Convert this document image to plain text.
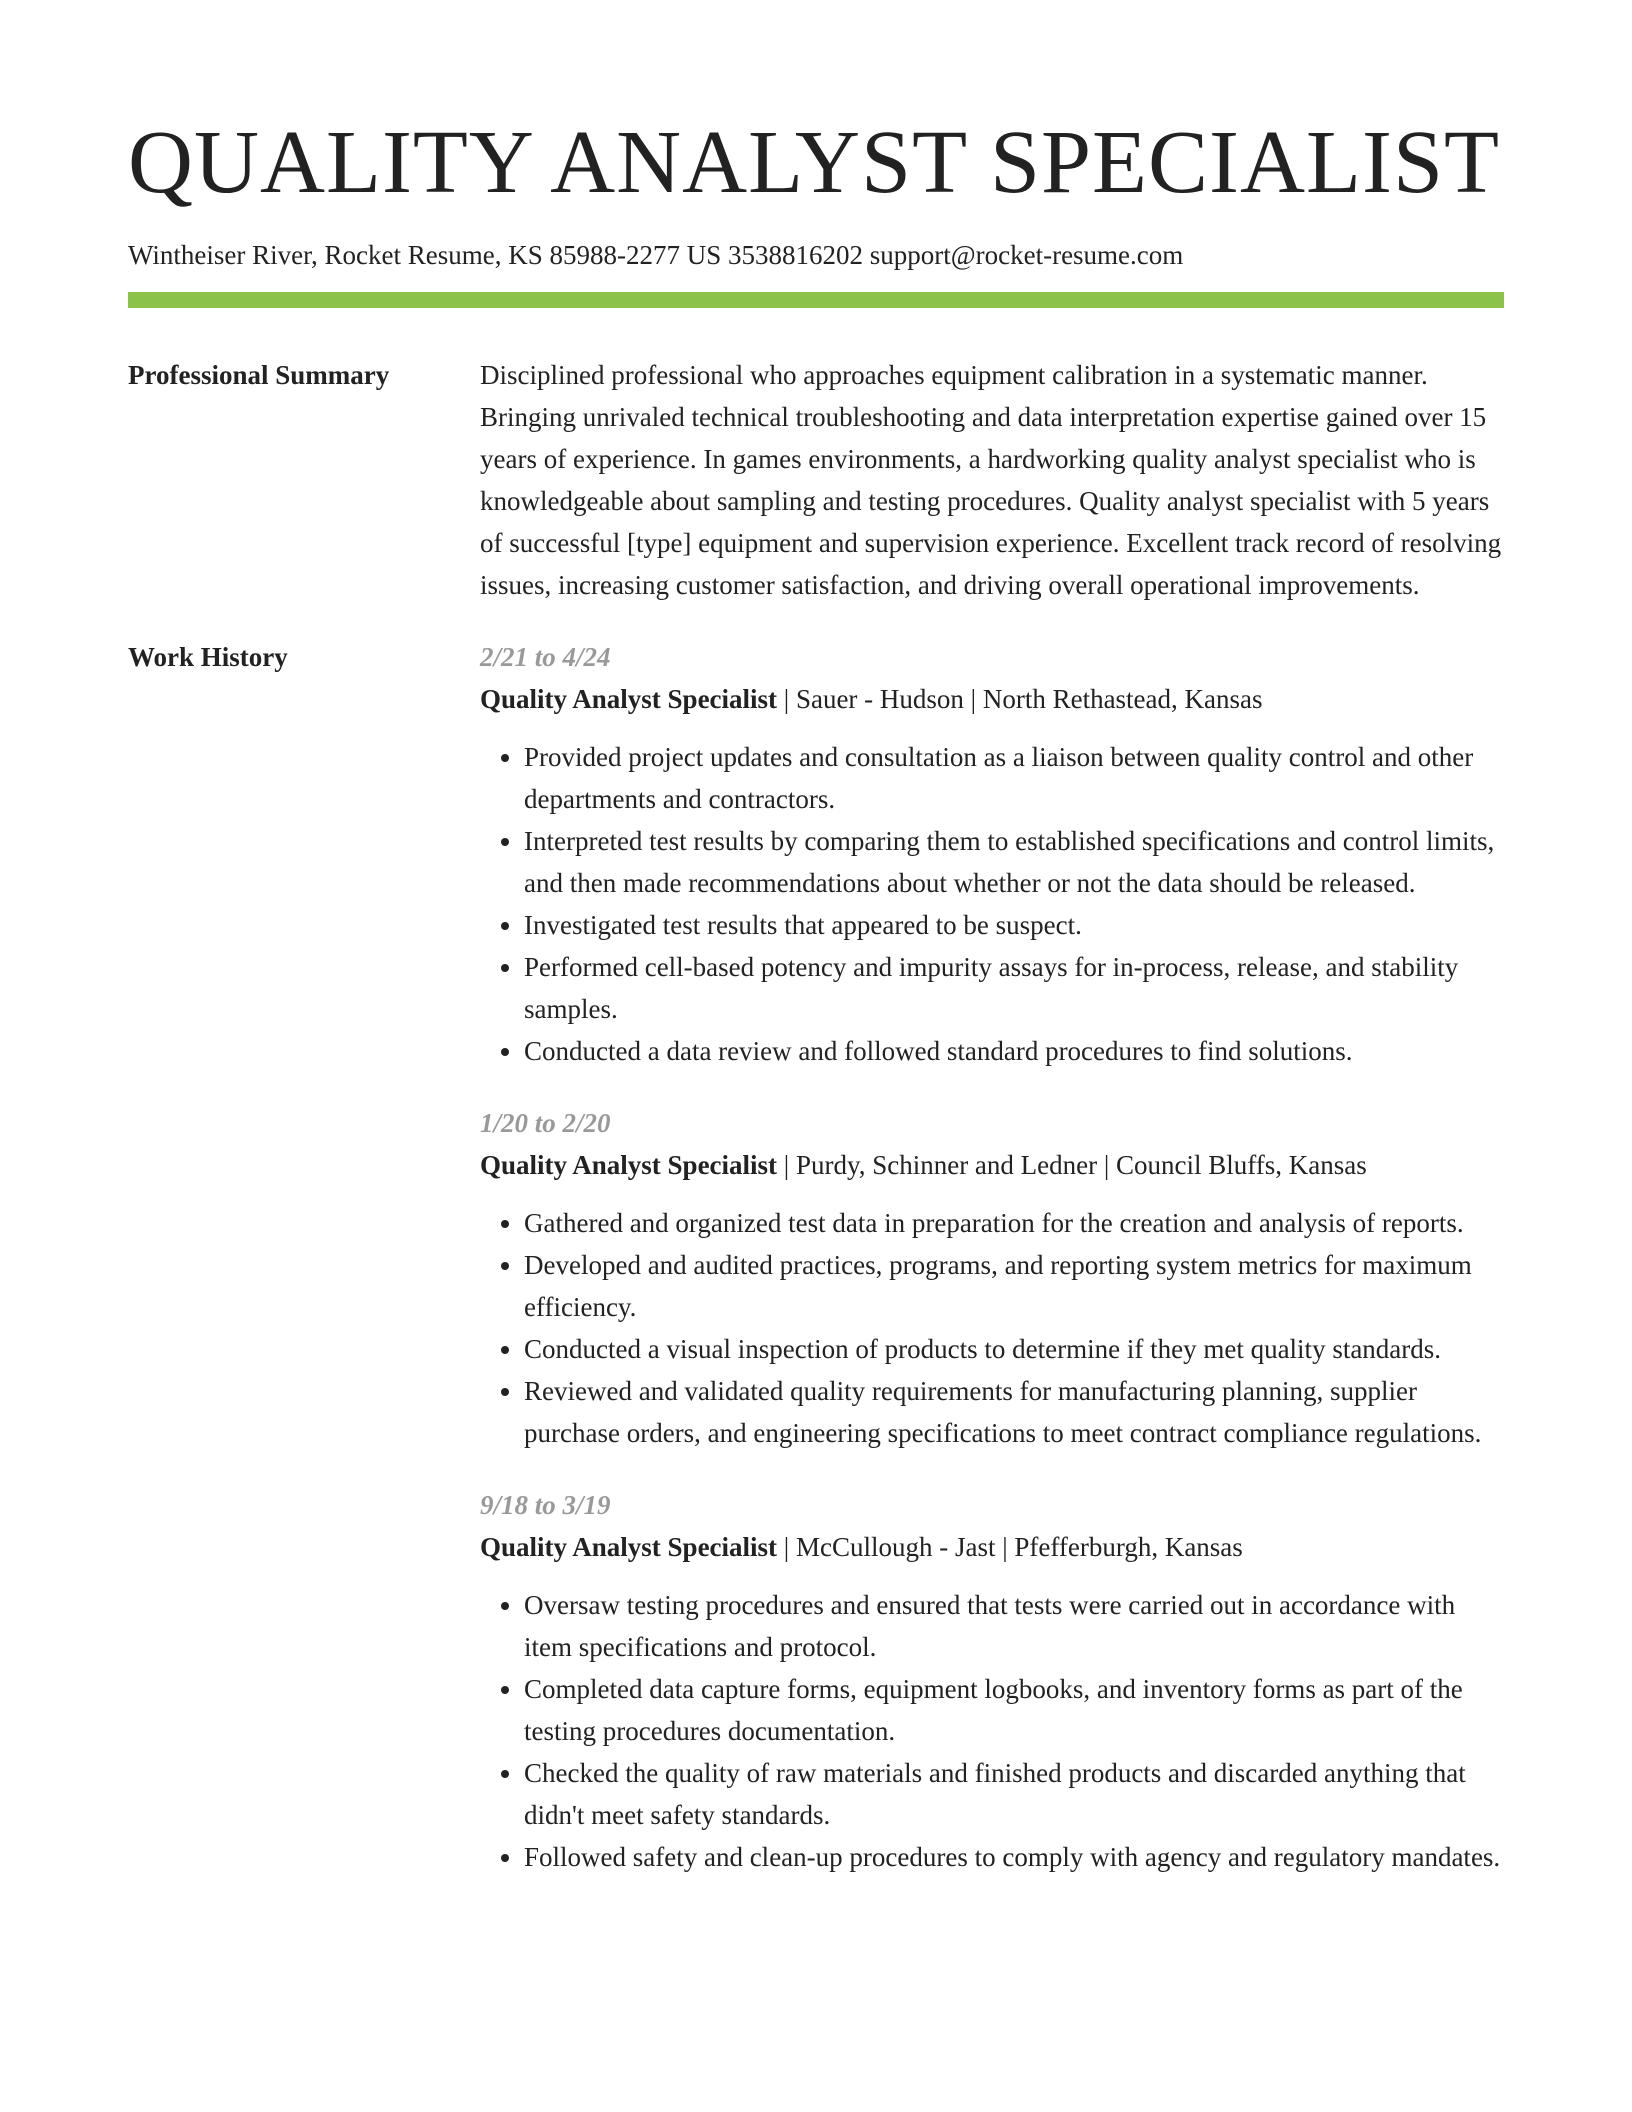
QUALITY ANALYST SPECIALIST
Wintheiser River, Rocket Resume, KS 85988-2277 US 3538816202 support@rocket-resume.com
Professional Summary	Disciplined professional who approaches equipment calibration in a systematic manner. Bringing unrivaled technical troubleshooting and data interpretation expertise gained over 15 years of experience. In games environments, a hardworking quality analyst specialist who is knowledgeable about sampling and testing procedures. Quality analyst specialist with 5 years of successful [type] equipment and supervision experience. Excellent track record of resolving issues, increasing customer satisfaction, and driving overall operational improvements.

Work History	2/21 to 4/24
Quality Analyst Specialist | Sauer - Hudson | North Rethastead, Kansas
• Provided project updates and consultation as a liaison between quality control and other departments and contractors.
• Interpreted test results by comparing them to established specifications and control limits, and then made recommendations about whether or not the data should be released.
• Investigated test results that appeared to be suspect.
• Performed cell-based potency and impurity assays for in-process, release, and stability samples.
• Conducted a data review and followed standard procedures to find solutions.
1/20 to 2/20
Quality Analyst Specialist | Purdy, Schinner and Ledner | Council Bluffs, Kansas
• Gathered and organized test data in preparation for the creation and analysis of reports.
• Developed and audited practices, programs, and reporting system metrics for maximum efficiency.
• Conducted a visual inspection of products to determine if they met quality standards.
• Reviewed and validated quality requirements for manufacturing planning, supplier purchase orders, and engineering specifications to meet contract compliance regulations.
9/18 to 3/19
Quality Analyst Specialist | McCullough - Jast | Pfefferburgh, Kansas
• Oversaw testing procedures and ensured that tests were carried out in accordance with item specifications and protocol.
• Completed data capture forms, equipment logbooks, and inventory forms as part of the testing procedures documentation.
• Checked the quality of raw materials and finished products and discarded anything that didn't meet safety standards.
• Followed safety and clean-up procedures to comply with agency and regulatory mandates.
